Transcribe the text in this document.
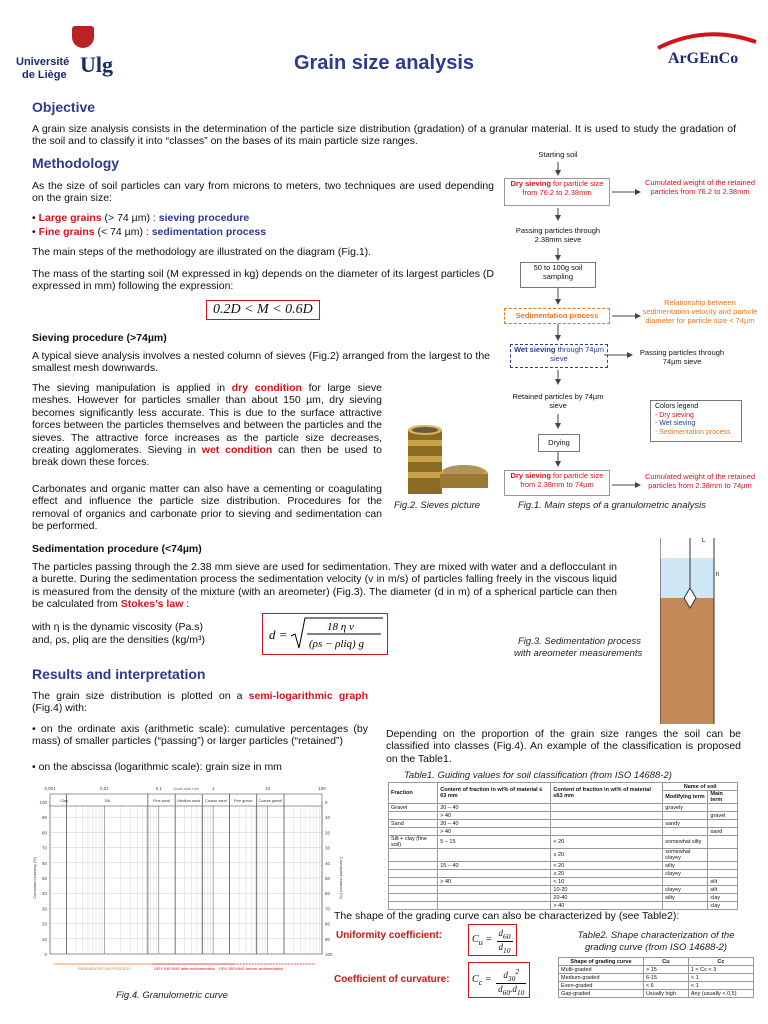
Université
de Liège Ulg	Grain size analysis	ArGEnCo
Objective

A grain size analysis consists in the determination of the particle size distribution (gradation) of a granular material. It is used to study the gradation of the soil and to classify it into “classes” on the bases of its main particle size ranges.

Methodology

As the size of soil particles can vary from microns to meters, two techniques are used depending on the grain size:

• Large grains (> 74 µm) : sieving procedure
• Fine grains (< 74 µm) : sedimentation process

The main steps of the methodology are illustrated on the diagram (Fig.1).

The mass of the starting soil (M expressed in kg) depends on the diameter of its largest particles (D expressed in mm) following the expression:

0.2D < M < 0.6D
Sieving procedure (>74µm)

A typical sieve analysis involves a nested column of sieves (Fig.2) arranged from the largest to the smallest mesh downwards.

The sieving manipulation is applied in dry condition for large sieve meshes. However for particles smaller than about 150 µm, dry sieving becomes significantly less accurate. This is due to the surface attractive forces between the particles themselves and between the particles and the sieves. The attractive force increases as the particle size decreases, creating agglomerates. Sieving in wet condition can then be used to break down these forces.

Carbonates and organic matter can also have a cementing or coagulating effect and influence the particle size distribution. Procedures for the removal of organics and carbonate prior to sieving and sedimentation can be performed.

Fig.2. Sieves picture
Starting soil
Dry sieving for particle size from 76.2 to 2.38mm
Cumulated weight of the retained particles from 76.2 to 2.38mm
Passing particles through 2.38mm sieve
50 to 100g soil sampling
Sedimentation process
Relationship between sedimentation velocity and particle diameter for particle size < 74µm
Wet sieving through 74µm sieve
Passing particles through 74µm sieve
Retained particles by 74µm sieve	Colors legend
- Dry sieving
- Wet sieving
- Sedimentation process
Drying
Dry sieving for particle size from 2.38mm to 74µm
Cumulated weight of the retained particles from 2.38mm to 74µm
Fig.1. Main steps of a granulometric analysis
Sedimentation procedure (<74µm)

The particles passing through the 2.38 mm sieve are used for sedimentation. They are mixed with water and a deflocculant in a burette. During the sedimentation process the sedimentation velocity (v in m/s) of particles falling freely in the viscous liquid is measured from the density of the mixture (with an areometer) (Fig.3). The diameter (d in m) of a spherical particle can then be calculated from Stokes’s law :

with η is the dynamic viscosity (Pa.s)
and, ρs, ρliq are the densities (kg/m³)	d =	18 η v
(ρs − ρliq) g
L
h
Fig.3. Sedimentation process
with areometer measurements
Results and interpretation

The grain size distribution is plotted on a semi-logarithmic graph (Fig.4) with:

• on the ordinate axis (arithmetic scale): cumulative percentages (by mass) of smaller particles (“passing”) or larger particles (“retained”)

• on the abscissa (logarithmic scale): grain size in mm

Depending on the proportion of the grain size ranges the soil can be classified into classes (Fig.4). An example of the classification is proposed on the Table1.

Table1. Guiding values for soil classification (from ISO 14688-2)
0	100
10	90
20	80
30	70
40	60
50	50
60	40
70	30
80	20
90	10
100	0
0,001	0,01	0,1	1	10	100
Grain size mm
Silt	Fine sand Medium sand Coarse sand Fine gravel Coarse gravel
Clay
Cumulated passing (%)	Cumulated retained (%)
SEDIMENTATION PROCESS	DRY SIEVING after sedimentation DRY SIEVING before sedimentation
Fig.4. Granulometric curve
Fraction	Content of fraction in wt% of material ≤ 63 mm	Content of fraction in wt% of material ≤63 mm	Name of soil	
			Modifying term	Main term
Gravel	20 – 40		gravely	
	> 40			gravel
Sand	20 – 40		sandy	
	> 40			sand
Silt + clay (fine soil)	5 – 15	< 20	somewhat silty	
		≥ 20	somewhat clayey	
	15 – 40	< 20	silty	
		≥ 20	clayey	
	> 40	< 10		silt
		10-20	clayey	silt
		20-40	silty	clay
		> 40		clay
The shape of the grading curve can also be characterized by (see Table2):
Uniformity coefficient:	$C_u = \frac{d_{60}}{d_{10}}$
Coefficient of curvature:	$C_c = \frac{d_{30}^2}{d_{60}.d_{10}}$
Table2. Shape characterization of the
grading curve (from ISO 14688-2)
Shape of grading curve	Cu	Cc
Multi-graded	> 15	1 < Cc < 3
Medium-graded	6-15	< 1
Even-graded	< 6	< 1
Gap-graded	Usually high	Any (usually < 0,5)
